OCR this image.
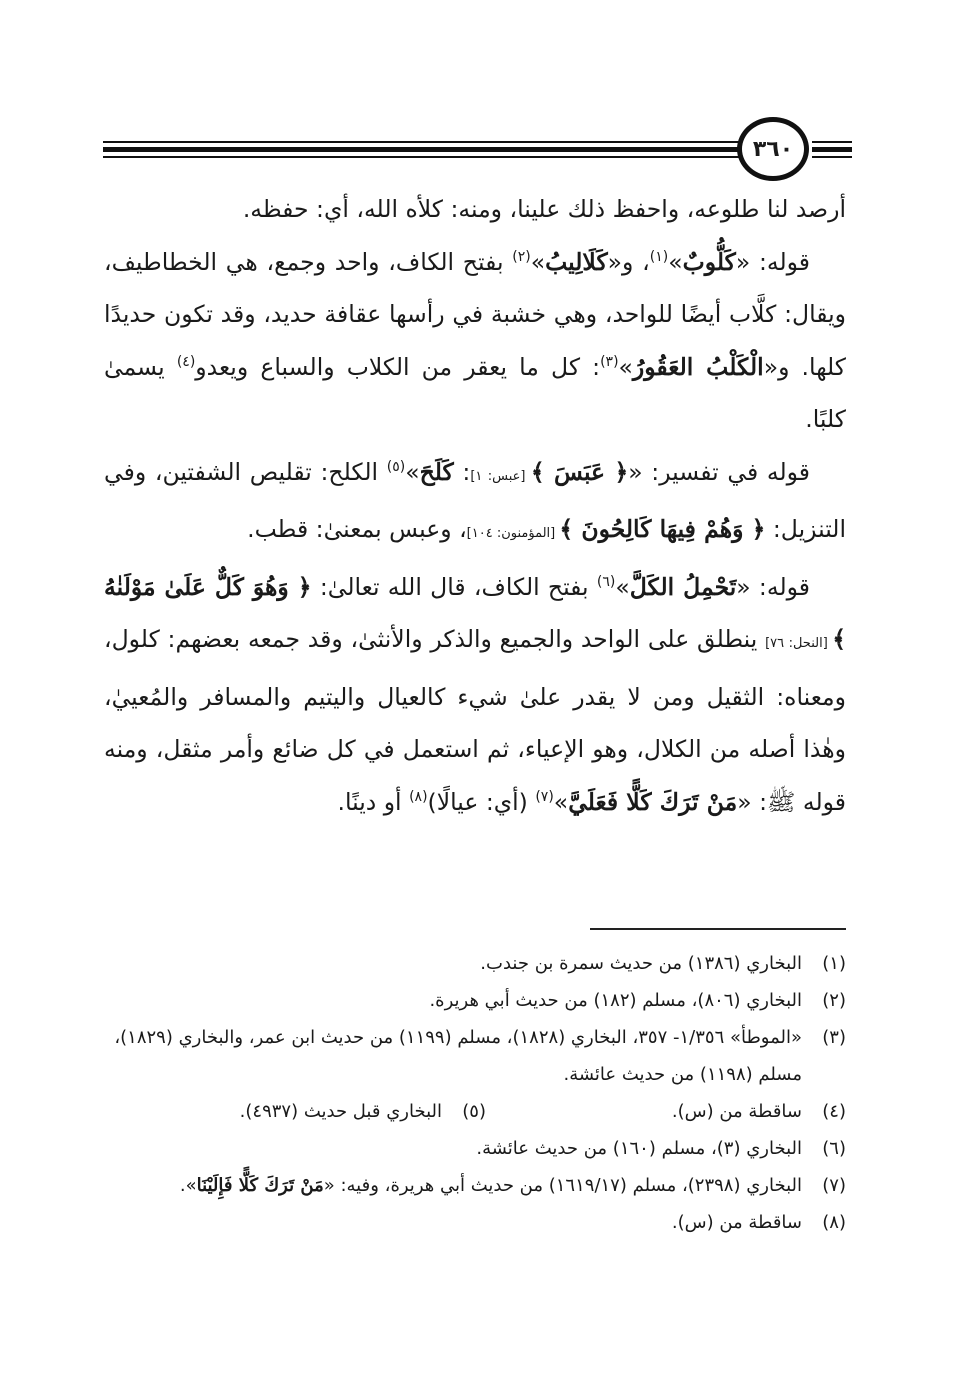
٣٦٠

أرصد لنا طلوعه، واحفظ ذلك علينا، ومنه: كلأه الله، أي: حفظه.

قوله: «كَلُّوبٌ»$^{(١)}$، و«كَلَالِيبُ»$^{(٢)}$ بفتح الكاف، واحد وجمع، هي الخطاطيف، ويقال: كلَّاب أيضًا للواحد، وهي خشبة في رأسها عقافة حديد، وقد تكون حديدًا كلها. و«الْكَلْبُ العَقُورُ»$^{(٣)}$: كل ما يعقر من الكلاب والسباع ويعدو$^{(٤)}$ يسمىٰ كلبًا.

قوله في تفسير: «﴿ عَبَسَ ﴾ [عبس: ١]: كَلَحَ»$^{(٥)}$ الكلح: تقليص الشفتين، وفي التنزيل: ﴿ وَهُمْ فِيهَا كَالِحُونَ ﴾ [المؤمنون: ١٠٤]، وعبس بمعنىٰ: قطب.

قوله: «تَحْمِلُ الكَلَّ»$^{(٦)}$ بفتح الكاف، قال الله تعالىٰ: ﴿ وَهُوَ كَلٌّ عَلَىٰ مَوْلَنٰهُ ﴾ [النحل: ٧٦] ينطلق على الواحد والجميع والذكر والأنثىٰ، وقد جمعه بعضهم: كلول، ومعناه: الثقيل ومن لا يقدر علىٰ شيء كالعيال واليتيم والمسافر والمُعييٰ، وهٰذا أصله من الكلال، وهو الإعياء، ثم استعمل في كل ضائع وأمر مثقل، ومنه قوله ﷺ: «مَنْ تَرَكَ كَلًّا فَعَلَيَّ»$^{(٧)}$ (أي: عيالًا)$^{(٨)}$ أو دينًا.

(١)
البخاري (١٣٨٦) من حديث سمرة بن جندب.
(٢)
البخاري (٨٠٦)، مسلم (١٨٢) من حديث أبي هريرة.
(٣)
«الموطأ» ١/٣٥٦- ٣٥٧، البخاري (١٨٢٨)، مسلم (١١٩٩) من حديث ابن عمر، والبخاري (١٨٢٩)، مسلم (١١٩٨) من حديث عائشة.
(٤)
ساقطة من (س).
(٥)
البخاري قبل حديث (٤٩٣٧).
(٦)
البخاري (٣)، مسلم (١٦٠) من حديث عائشة.
(٧)
البخاري (٢٣٩٨)، مسلم (١٦١٩/١٧) من حديث أبي هريرة، وفيه: «مَنْ تَرَكَ كَلًّا فَإِلَيْنَا».
(٨)
ساقطة من (س).
